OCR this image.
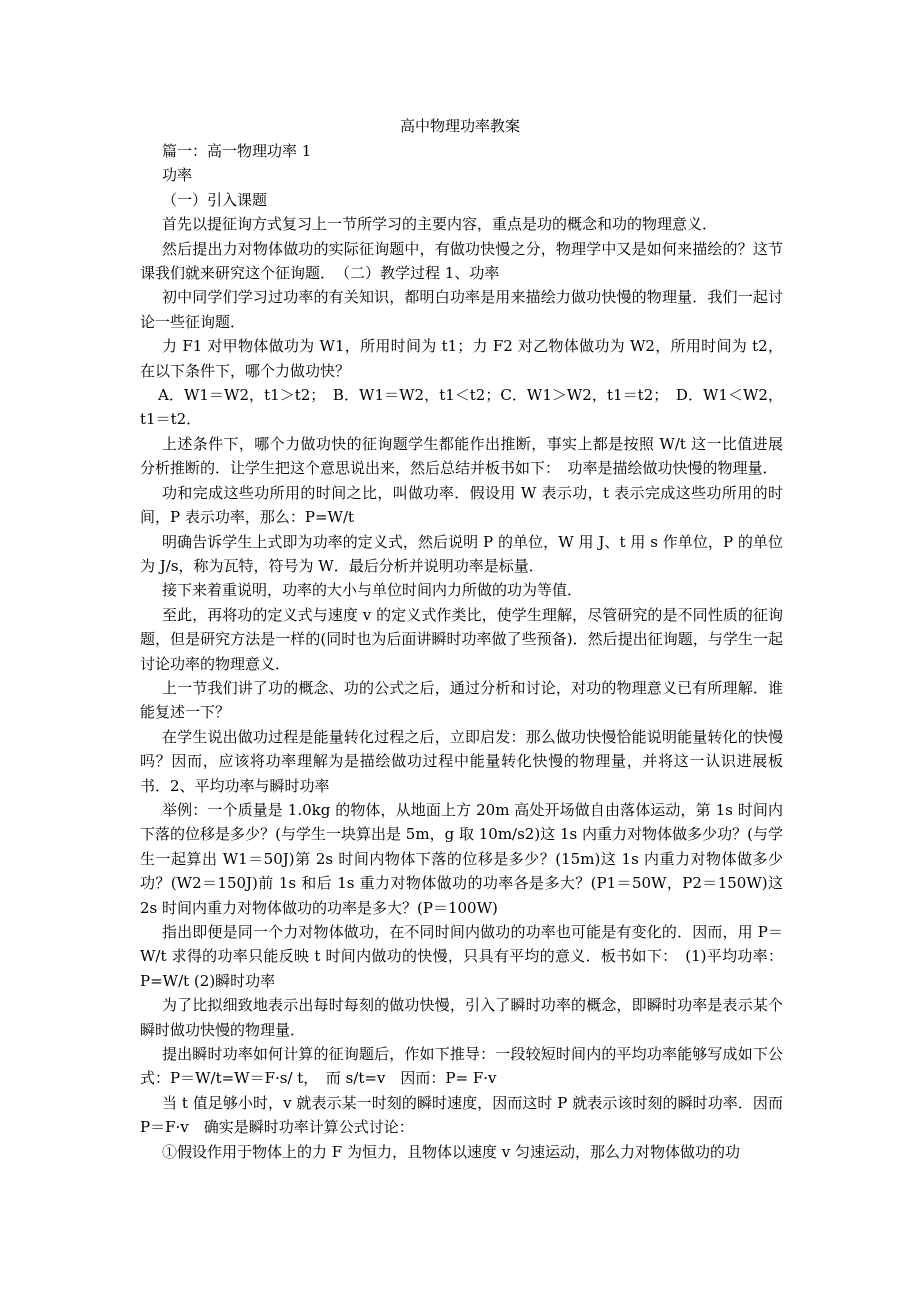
高中物理功率教案

篇一：高一物理功率 1

功率

（一）引入课题

首先以提征询方式复习上一节所学习的主要内容，重点是功的概念和功的物理意义．

然后提出力对物体做功的实际征询题中，有做功快慢之分，物理学中又是如何来描绘的？这节课我们就来研究这个征询题．　（二）教学过程 1、功率

初中同学们学习过功率的有关知识，都明白功率是用来描绘力做功快慢的物理量．我们一起讨论一些征询题．

力 F1 对甲物体做功为 W1，所用时间为 t1；力 F2 对乙物体做功为 W2，所用时间为 t2，在以下条件下，哪个力做功快？

A．W1＝W2，t1＞t2；　B．W1＝W2，t1＜t2；C．W1＞W2，t1＝t2；　D．W1＜W2，t1＝t2．

上述条件下，哪个力做功快的征询题学生都能作出推断，事实上都是按照 W/t 这一比值进展分析推断的．让学生把这个意思说出来，然后总结并板书如下：　功率是描绘做功快慢的物理量．

功和完成这些功所用的时间之比，叫做功率．假设用 W 表示功，t 表示完成这些功所用的时间，P 表示功率，那么：P=W/t

明确告诉学生上式即为功率的定义式，然后说明 P 的单位，W 用 J、t 用 s 作单位，P 的单位为 J/s，称为瓦特，符号为 W．最后分析并说明功率是标量．

接下来着重说明，功率的大小与单位时间内力所做的功为等值．

至此，再将功的定义式与速度 v 的定义式作类比，使学生理解，尽管研究的是不同性质的征询题，但是研究方法是一样的(同时也为后面讲瞬时功率做了些预备)．然后提出征询题，与学生一起讨论功率的物理意义．

上一节我们讲了功的概念、功的公式之后，通过分析和讨论，对功的物理意义已有所理解．谁能复述一下？

在学生说出做功过程是能量转化过程之后，立即启发：那么做功快慢恰能说明能量转化的快慢吗？因而，应该将功率理解为是描绘做功过程中能量转化快慢的物理量，并将这一认识进展板书．2、平均功率与瞬时功率

举例：一个质量是 1.0kg 的物体，从地面上方 20m 高处开场做自由落体运动，第 1s 时间内下落的位移是多少？(与学生一块算出是 5m，g 取 10m/s2)这 1s 内重力对物体做多少功？(与学生一起算出 W1＝50J)第 2s 时间内物体下落的位移是多少？(15m)这 1s 内重力对物体做多少功？(W2＝150J)前 1s 和后 1s 重力对物体做功的功率各是多大？(P1＝50W，P2＝150W)这 2s 时间内重力对物体做功的功率是多大？(P＝100W)

指出即便是同一个力对物体做功，在不同时间内做功的功率也可能是有变化的．因而，用 P＝W/t 求得的功率只能反映 t 时间内做功的快慢，只具有平均的意义．板书如下：　(1)平均功率：P=W/t (2)瞬时功率

为了比拟细致地表示出每时每刻的做功快慢，引入了瞬时功率的概念，即瞬时功率是表示某个瞬时做功快慢的物理量．

提出瞬时功率如何计算的征询题后，作如下推导：一段较短时间内的平均功率能够写成如下公式：P＝W/t=W＝F·s/ t，　而 s/t=v　因而：P= F·v

当 t 值足够小时，v 就表示某一时刻的瞬时速度，因而这时 P 就表示该时刻的瞬时功率．因而　P＝F·v　确实是瞬时功率计算公式讨论：

①假设作用于物体上的力 F 为恒力，且物体以速度 v 匀速运动，那么力对物体做功的功
